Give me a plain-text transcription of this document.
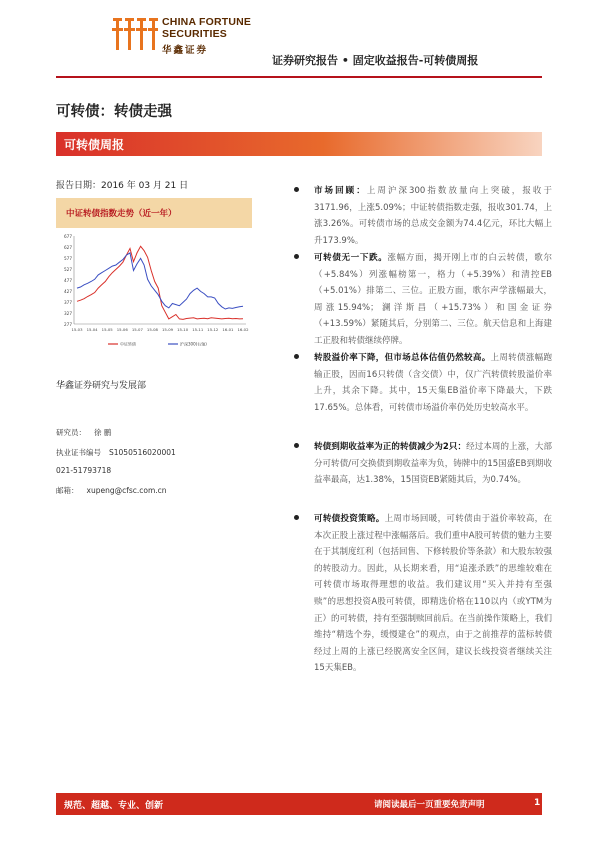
CHINA FORTUNE
SECURITIES
华鑫证券
证券研究报告 • 固定收益报告-可转债周报
可转债：转债走强
可转债周报
报告日期：2016 年 03 月 21 日
中证转债指数走势（近一年）
277
327
377
427
477
527
577
627
677
15-03 15-04 15-05 15-06 15-07 15-08 15-09 15-10 15-11 15-12 16-01 16-02
中证转债	沪深300(右轴)
华鑫证券研究与发展部
研究员： 徐 鹏
执业证书编号 S1050516020001
021-51793718
邮箱： xupeng@cfsc.com.cn

市场回顾：上周沪深300指数放量向上突破，报收于3171.96，上涨5.09%；中证转债指数走强，报收301.74，上涨3.26%。可转债市场的总成交金额为74.4亿元，环比大幅上升173.9%。

可转债无一下跌。涨幅方面，揭开刚上市的白云转债，歌尔（+5.84%）列涨幅榜第一，格力（+5.39%）和清控EB（+5.01%）排第二、三位。正股方面，歌尔声学涨幅最大，周涨15.94%；澜洋斯昌（+15.73%）和国金证券（+13.59%）紧随其后，分别第二、三位。航天信息和上海建工正股和转债继续停牌。

转股溢价率下降，但市场总体估值仍然较高。上周转债涨幅跑输正股，因而16只转债（含交债）中，仅广汽转债转股溢价率上升，其余下降。其中，15天集EB溢价率下降最大，下跌17.65%。总体看，可转债市场溢价率仍处历史较高水平。

转债到期收益率为正的转债减少为2只：经过本周的上涨，大部分可转债/可交换债到期收益率为负，铸牌中的15国盛EB到期收益率最高，达1.38%，15国资EB紧随其后，为0.74%。

可转债投资策略。上周市场回暖，可转债由于溢价率较高，在本次正股上涨过程中涨幅落后。我们重申A股可转债的魅力主要在于其制度红利（包括回售、下修转股价等条款）和大股东较强的转股动力。因此，从长期来看，用“追涨杀跌”的思维较难在可转债市场取得理想的收益。我们建议用“买入并持有至强赎”的思想投资A股可转债，即精选价格在110以内（或YTM为正）的可转债，持有至强制赎回前后。在当前操作策略上，我们维持“精选个券，缓慢建仓”的观点，由于之前推荐的蓝标转债经过上周的上涨已经脱离安全区间，建议长线投资者继续关注15天集EB。

规范、超越、专业、创新	请阅读最后一页重要免责声明	1
